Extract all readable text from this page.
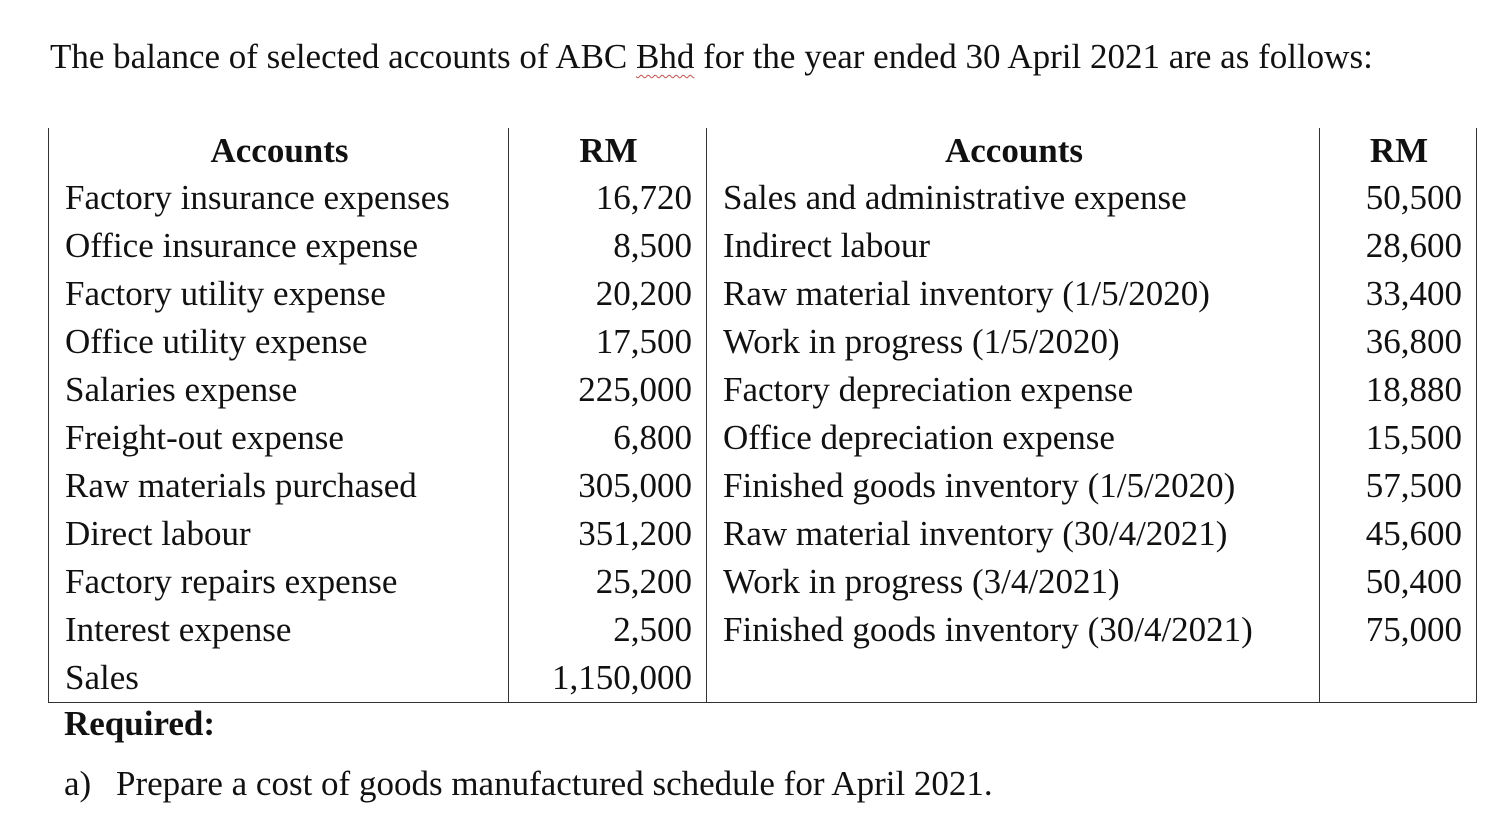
The balance of selected accounts of ABC Bhd for the year ended 30 April 2021 are as follows:
Accounts	RM	Accounts	RM
Factory insurance expenses	16,720	Sales and administrative expense	50,500
Office insurance expense	8,500	Indirect labour	28,600
Factory utility expense	20,200	Raw material inventory (1/5/2020)	33,400
Office utility expense	17,500	Work in progress (1/5/2020)	36,800
Salaries expense	225,000	Factory depreciation expense	18,880
Freight-out expense	6,800	Office depreciation expense	15,500
Raw materials purchased	305,000	Finished goods inventory (1/5/2020)	57,500
Direct labour	351,200	Raw material inventory (30/4/2021)	45,600
Factory repairs expense	25,200	Work in progress (3/4/2021)	50,400
Interest expense	2,500	Finished goods inventory (30/4/2021)	75,000
Sales	1,150,000		
Required:
a) Prepare a cost of goods manufactured schedule for April 2021.
